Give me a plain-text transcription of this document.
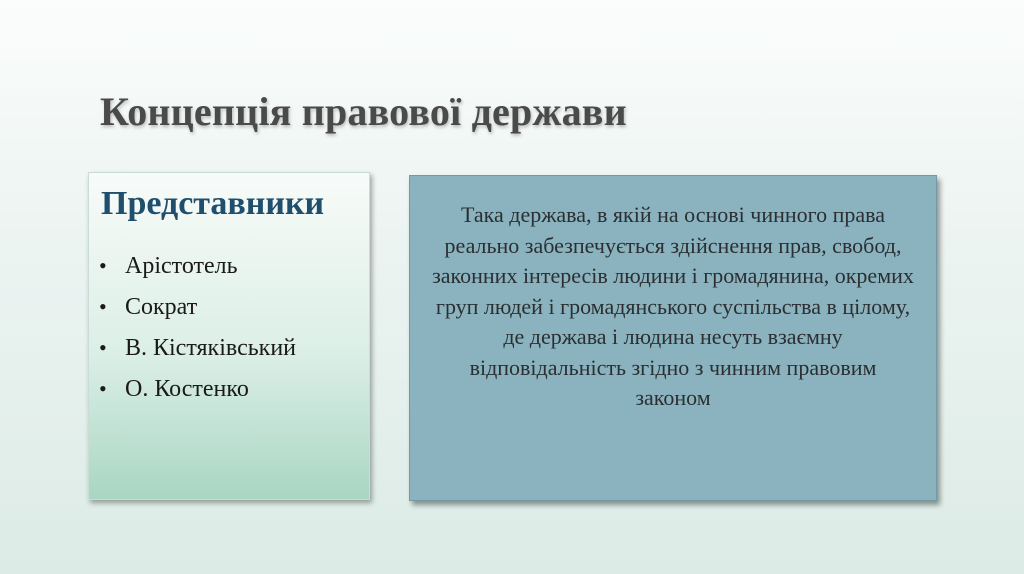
Концепція правової держави
Представники
• Арістотель
• Сократ
• В. Кістяківський
• О. Костенко
Така держава, в якій на основі чинного права реально забезпечується здійснення прав, свобод, законних інтересів людини і громадянина, окремих груп людей і громадянського суспільства в цілому, де держава і людина несуть взаємну відповідальність згідно з чинним правовим законом
